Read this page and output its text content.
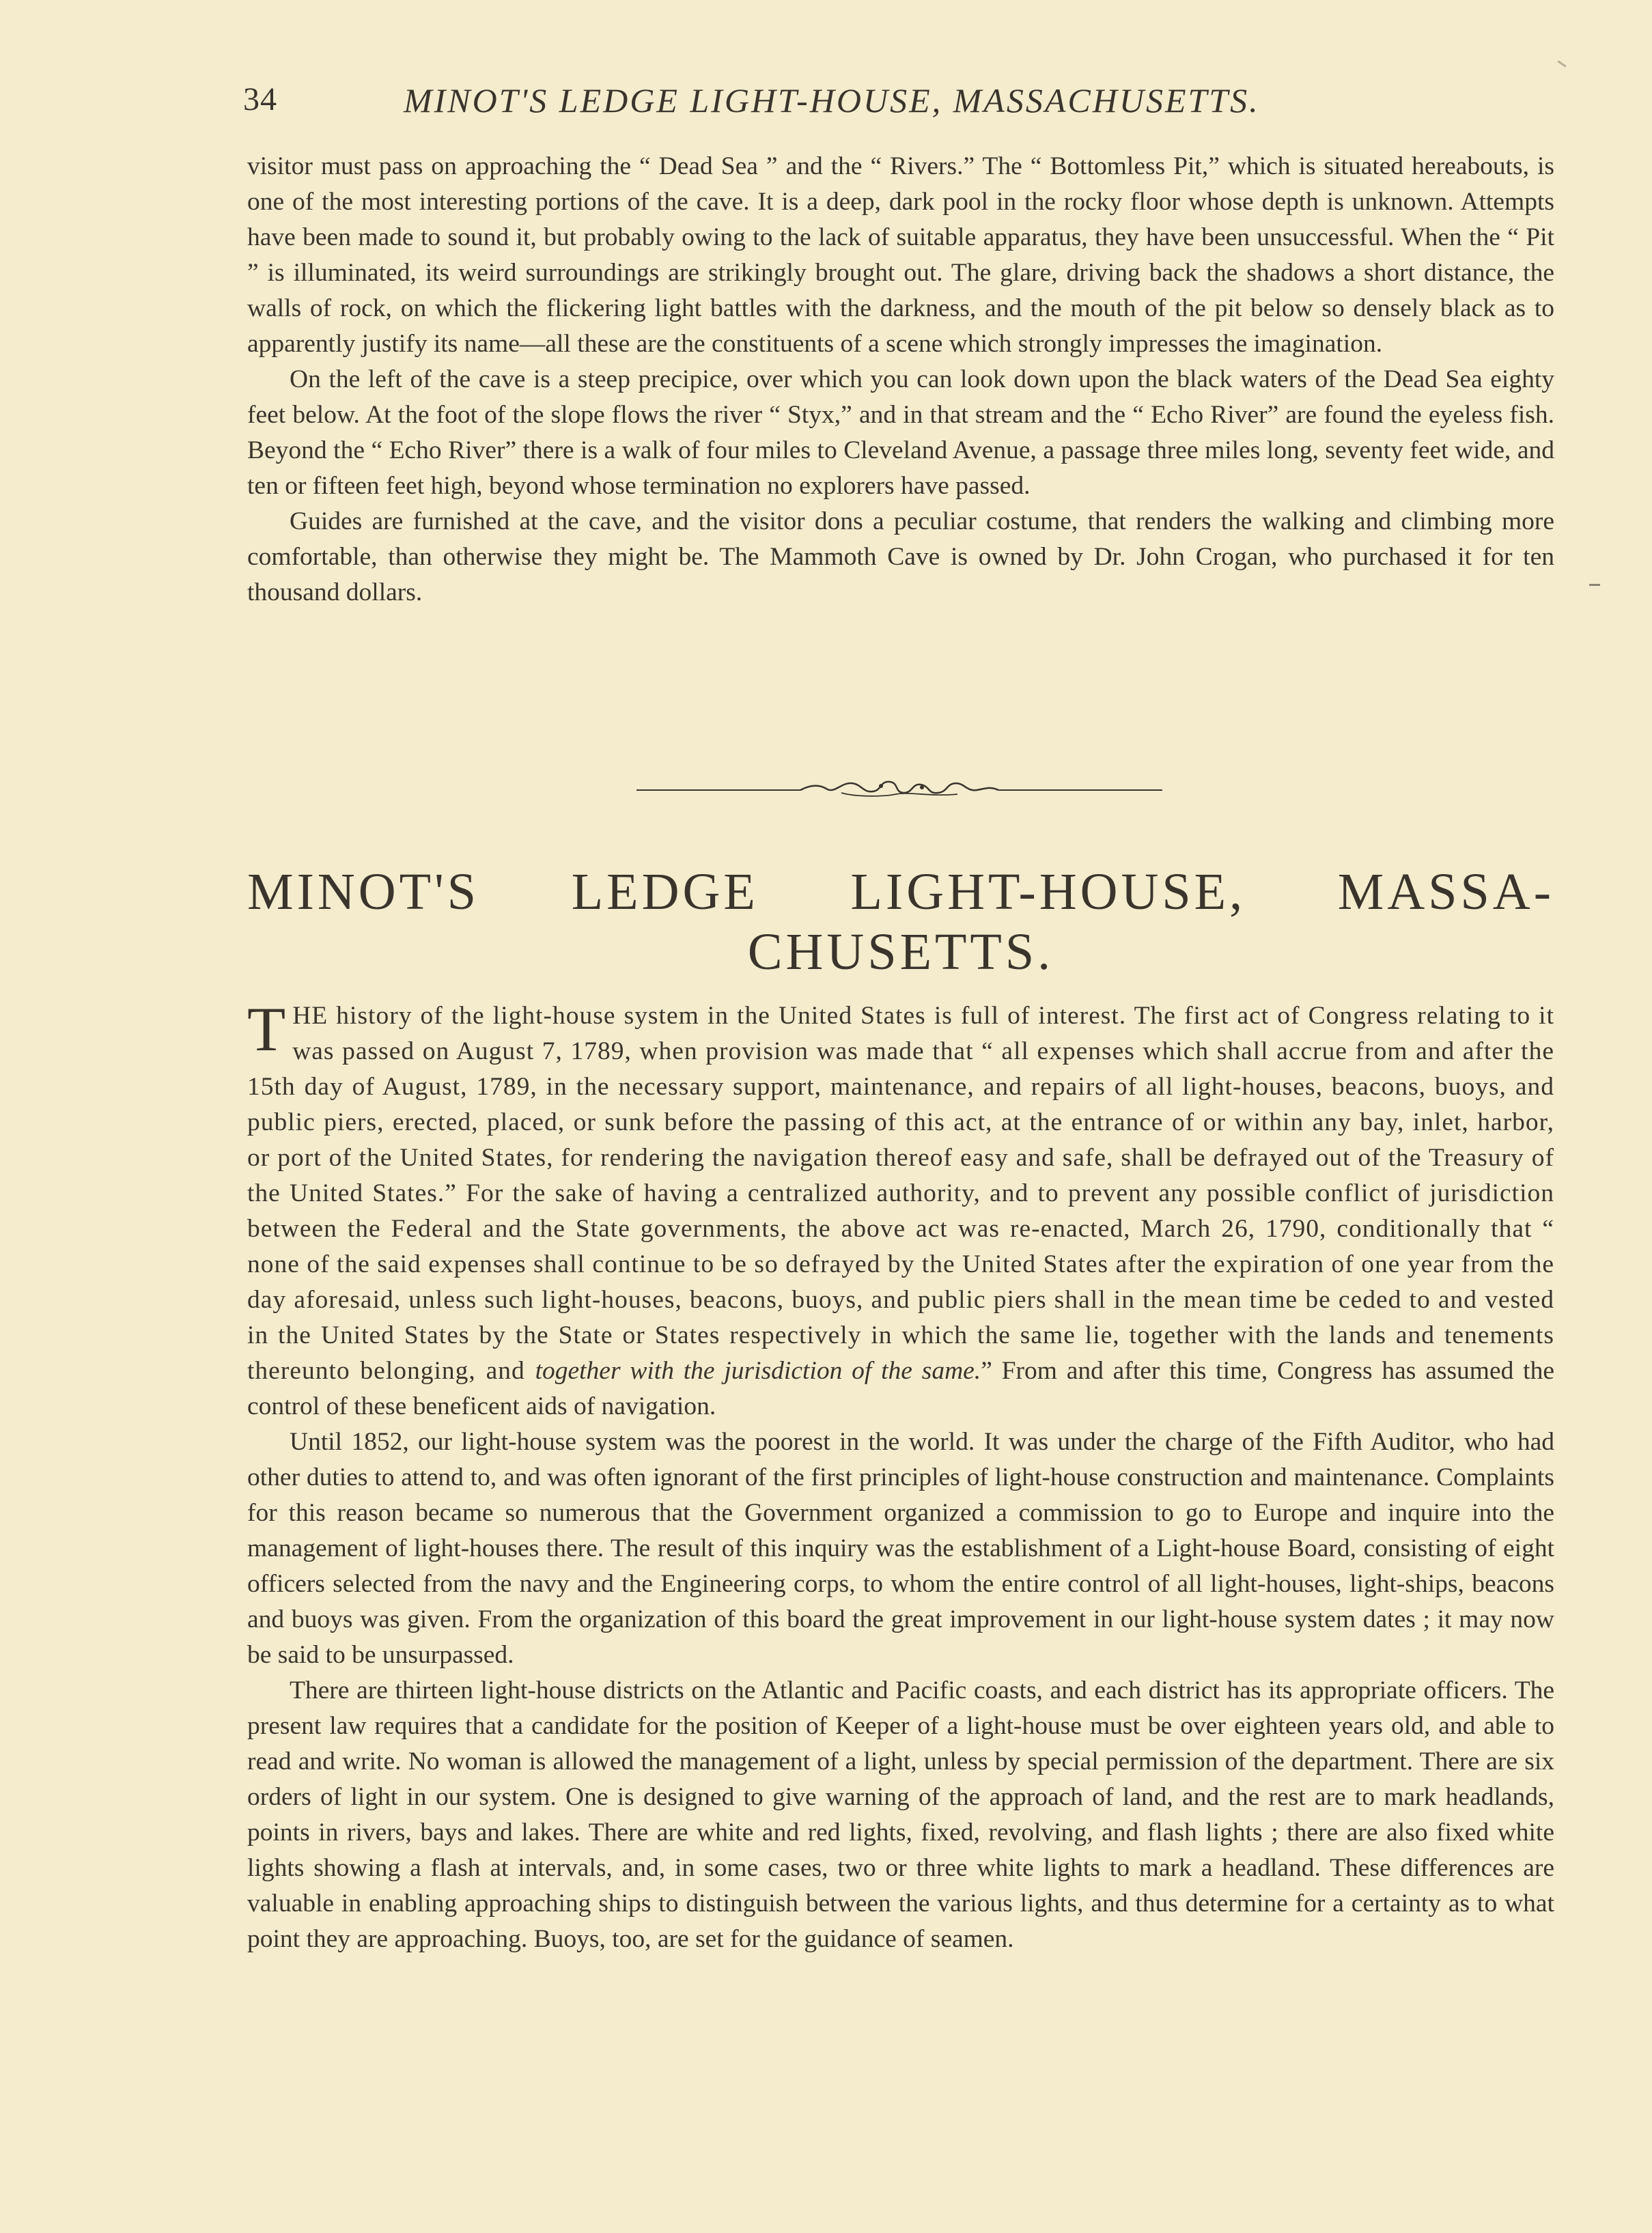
34	MINOT'S LEDGE LIGHT-HOUSE, MASSACHUSETTS.

visitor must pass on approaching the “ Dead Sea ” and the “ Rivers.” The “ Bottomless Pit,” which is situated hereabouts, is one of the most interesting portions of the cave. It is a deep, dark pool in the rocky floor whose depth is unknown. Attempts have been made to sound it, but probably owing to the lack of suitable apparatus, they have been unsuccessful. When the “ Pit ” is illuminated, its weird surroundings are strikingly brought out. The glare, driving back the shadows a short distance, the walls of rock, on which the flickering light battles with the darkness, and the mouth of the pit below so densely black as to apparently justify its name—all these are the constituents of a scene which strongly impresses the imagination.

On the left of the cave is a steep precipice, over which you can look down upon the black waters of the Dead Sea eighty feet below. At the foot of the slope flows the river “ Styx,” and in that stream and the “ Echo River” are found the eyeless fish. Beyond the “ Echo River” there is a walk of four miles to Cleveland Avenue, a passage three miles long, seventy feet wide, and ten or fifteen feet high, beyond whose termination no explorers have passed.

Guides are furnished at the cave, and the visitor dons a peculiar costume, that renders the walking and climbing more comfortable, than otherwise they might be. The Mammoth Cave is owned by Dr. John Crogan, who purchased it for ten thousand dollars.

MINOT'S LEDGE LIGHT-HOUSE, MASSA-
CHUSETTS.

THE history of the light-house system in the United States is full of interest. The first act of Congress relating to it was passed on August 7, 1789, when provision was made that “ all expenses which shall accrue from and after the 15th day of August, 1789, in the necessary support, maintenance, and repairs of all light-houses, beacons, buoys, and public piers, erected, placed, or sunk before the passing of this act, at the entrance of or within any bay, inlet, harbor, or port of the United States, for rendering the navigation thereof easy and safe, shall be defrayed out of the Treasury of the United States.” For the sake of having a centralized authority, and to prevent any possible conflict of jurisdiction between the Federal and the State governments, the above act was re-enacted, March 26, 1790, conditionally that “ none of the said expenses shall continue to be so defrayed by the United States after the expiration of one year from the day aforesaid, unless such light-houses, beacons, buoys, and public piers shall in the mean time be ceded to and vested in the United States by the State or States respectively in which the same lie, together with the lands and tenements thereunto belonging, and together with the jurisdiction of the same.” From and after this time, Congress has assumed the control of these beneficent aids of navigation.

Until 1852, our light-house system was the poorest in the world. It was under the charge of the Fifth Auditor, who had other duties to attend to, and was often ignorant of the first principles of light-house construction and maintenance. Complaints for this reason became so numerous that the Government organized a commission to go to Europe and inquire into the management of light-houses there. The result of this inquiry was the establishment of a Light-house Board, consisting of eight officers selected from the navy and the Engineering corps, to whom the entire control of all light-houses, light-ships, beacons and buoys was given. From the organization of this board the great improvement in our light-house system dates ; it may now be said to be unsurpassed.

There are thirteen light-house districts on the Atlantic and Pacific coasts, and each district has its appropriate officers. The present law requires that a candidate for the position of Keeper of a light-house must be over eighteen years old, and able to read and write. No woman is allowed the management of a light, unless by special permission of the department. There are six orders of light in our system. One is designed to give warning of the approach of land, and the rest are to mark headlands, points in rivers, bays and lakes. There are white and red lights, fixed, revolving, and flash lights ; there are also fixed white lights showing a flash at intervals, and, in some cases, two or three white lights to mark a headland. These differences are valuable in enabling approaching ships to distinguish between the various lights, and thus determine for a certainty as to what point they are approaching. Buoys, too, are set for the guidance of seamen.
